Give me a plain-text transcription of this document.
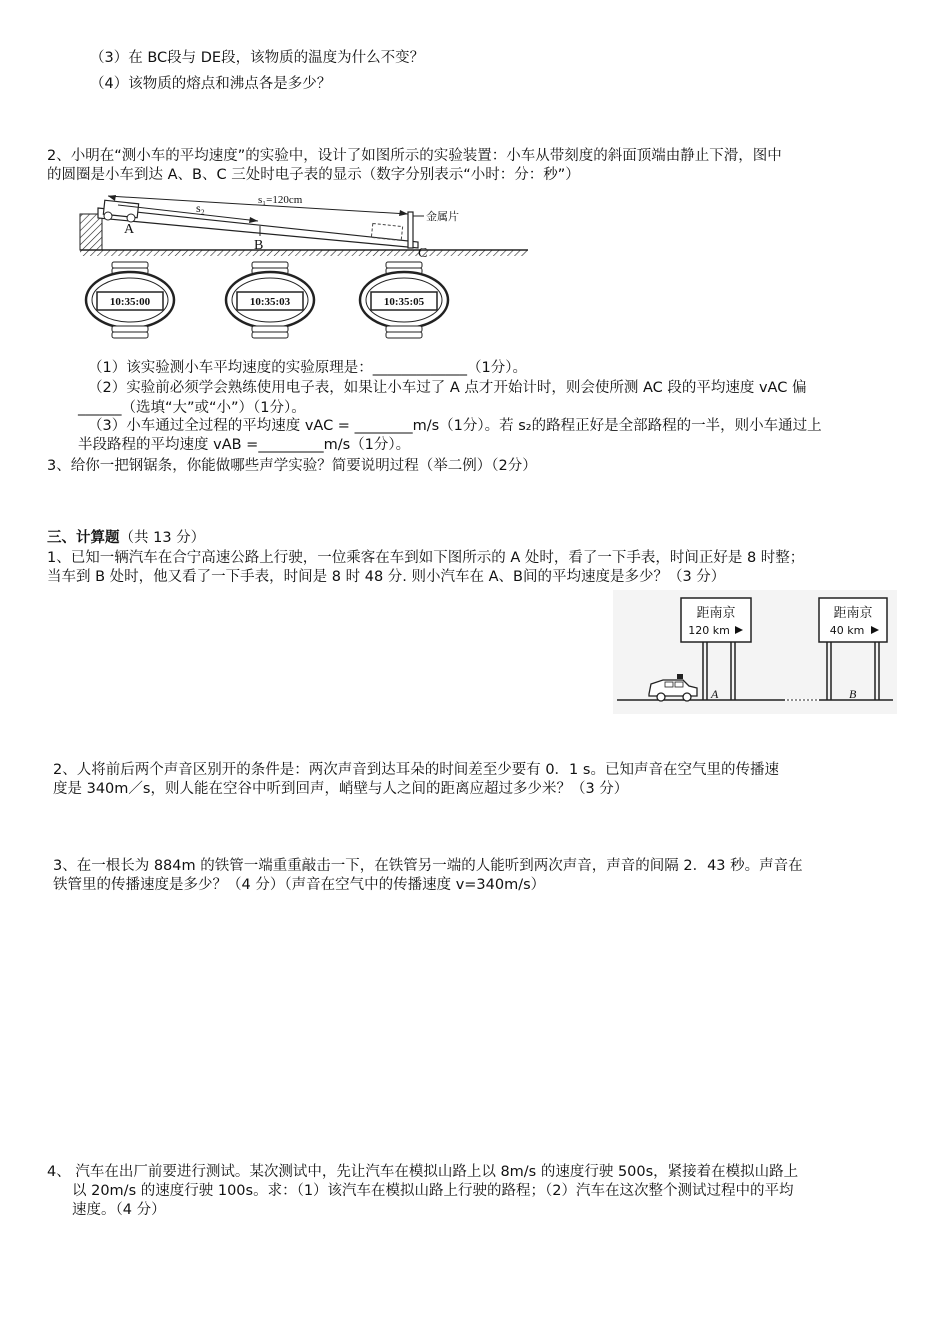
（3）在 BC段与 DE段，该物质的温度为什么不变？
（4）该物质的熔点和沸点各是多少？
2、小明在“测小车的平均速度”的实验中，设计了如图所示的实验装置：小车从带刻度的斜面顶端由静止下滑，图中
的圆圈是小车到达 A、B、C 三处时电子表的显示（数字分别表示“小时：分：秒”）
s₁=120cm
s₂
金属片
A
B
C
10:35:00	10:35:03	10:35:05
（1）该实验测小车平均速度的实验原理是：_____________（1分）。
（2）实验前必须学会熟练使用电子表，如果让小车过了 A 点才开始计时，则会使所测 AC 段的平均速度 vAC 偏
______（选填“大”或“小”）（1分）。
（3）小车通过全过程的平均速度 vAC = ________m/s（1分）。若 s₂的路程正好是全部路程的一半，则小车通过上
半段路程的平均速度 vAB =_________m/s（1分）。
3、给你一把钢锯条，你能做哪些声学实验？简要说明过程（举二例）（2分）
三、计算题（共 13 分）
1、已知一辆汽车在合宁高速公路上行驶，一位乘客在车到如下图所示的 A 处时，看了一下手表，时间正好是 8 时整；
当车到 B 处时，他又看了一下手表，时间是 8 时 48 分. 则小汽车在 A、B间的平均速度是多少？（3 分）
距南京
120 km
距南京
40 km
A	B
2、人将前后两个声音区别开的条件是：两次声音到达耳朵的时间差至少要有 0．1 s。已知声音在空气里的传播速
度是 340m／s，则人能在空谷中听到回声，峭壁与人之间的距离应超过多少米？（3 分）
3、在一根长为 884m 的铁管一端重重敲击一下，在铁管另一端的人能听到两次声音，声音的间隔 2．43 秒。声音在
铁管里的传播速度是多少？（4 分）（声音在空气中的传播速度 v=340m/s）
4、 汽车在出厂前要进行测试。某次测试中，先让汽车在模拟山路上以 8m/s 的速度行驶 500s，紧接着在模拟山路上
以 20m/s 的速度行驶 100s。求：（1）该汽车在模拟山路上行驶的路程；（2）汽车在这次整个测试过程中的平均
速度。（4 分）
